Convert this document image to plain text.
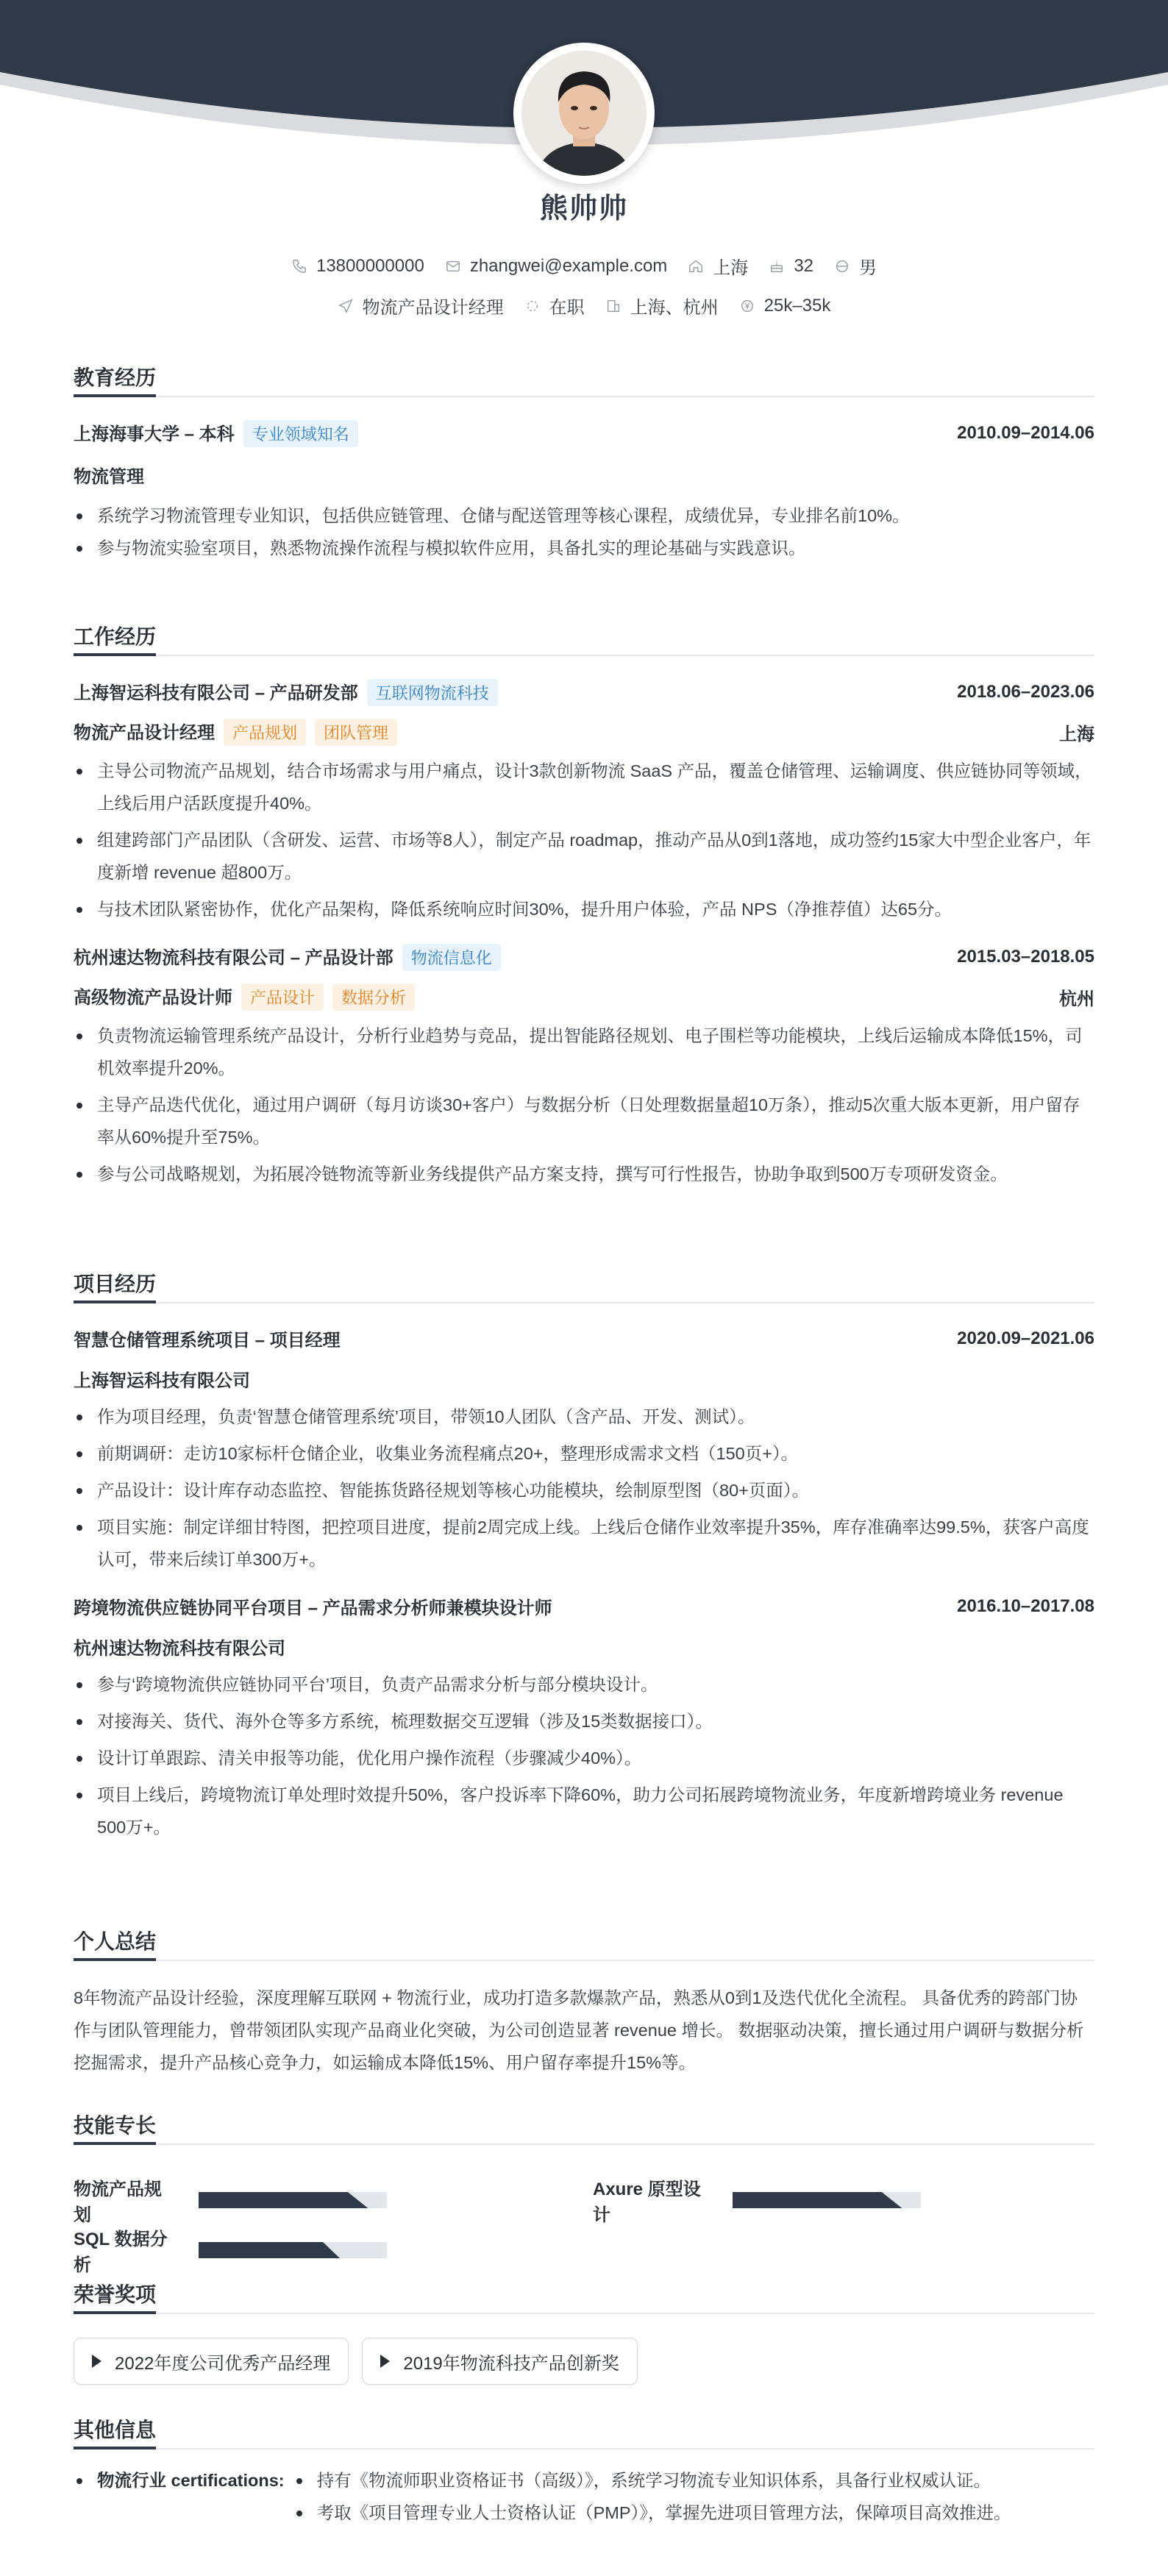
熊帅帅
13800000000	zhangwei@example.com	上海	32	男
物流产品设计经理	在职	上海、杭州	25k–35k
教育经历
上海海事大学 – 本科 专业领域知名	2010.09–2014.06
物流管理
系统学习物流管理专业知识，包括供应链管理、仓储与配送管理等核心课程，成绩优异，专业排名前10%。
参与物流实验室项目，熟悉物流操作流程与模拟软件应用，具备扎实的理论基础与实践意识。
工作经历
上海智运科技有限公司 – 产品研发部 互联网物流科技	2018.06–2023.06
物流产品设计经理 产品规划 团队管理	上海
主导公司物流产品规划，结合市场需求与用户痛点，设计3款创新物流 SaaS 产品，覆盖仓储管理、运输调度、供应链协同等领域，上线后用户活跃度提升40%。
组建跨部门产品团队（含研发、运营、市场等8人），制定产品 roadmap，推动产品从0到1落地，成功签约15家大中型企业客户，年度新增 revenue 超800万。
与技术团队紧密协作，优化产品架构，降低系统响应时间30%，提升用户体验，产品 NPS（净推荐值）达65分。
杭州速达物流科技有限公司 – 产品设计部 物流信息化	2015.03–2018.05
高级物流产品设计师 产品设计 数据分析	杭州
负责物流运输管理系统产品设计，分析行业趋势与竞品，提出智能路径规划、电子围栏等功能模块，上线后运输成本降低15%，司机效率提升20%。
主导产品迭代优化，通过用户调研（每月访谈30+客户）与数据分析（日处理数据量超10万条），推动5次重大版本更新，用户留存率从60%提升至75%。
参与公司战略规划，为拓展冷链物流等新业务线提供产品方案支持，撰写可行性报告，协助争取到500万专项研发资金。
项目经历
智慧仓储管理系统项目 – 项目经理	2020.09–2021.06
上海智运科技有限公司
作为项目经理，负责‘智慧仓储管理系统’项目，带领10人团队（含产品、开发、测试）。
前期调研：走访10家标杆仓储企业，收集业务流程痛点20+，整理形成需求文档（150页+）。
产品设计：设计库存动态监控、智能拣货路径规划等核心功能模块，绘制原型图（80+页面）。
项目实施：制定详细甘特图，把控项目进度，提前2周完成上线。上线后仓储作业效率提升35%，库存准确率达99.5%，获客户高度认可，带来后续订单300万+。
跨境物流供应链协同平台项目 – 产品需求分析师兼模块设计师	2016.10–2017.08
杭州速达物流科技有限公司
参与‘跨境物流供应链协同平台’项目，负责产品需求分析与部分模块设计。
对接海关、货代、海外仓等多方系统，梳理数据交互逻辑（涉及15类数据接口）。
设计订单跟踪、清关申报等功能，优化用户操作流程（步骤减少40%）。
项目上线后，跨境物流订单处理时效提升50%，客户投诉率下降60%，助力公司拓展跨境物流业务，年度新增跨境业务 revenue 500万+。
个人总结
8年物流产品设计经验，深度理解互联网 + 物流行业，成功打造多款爆款产品，熟悉从0到1及迭代优化全流程。 具备优秀的跨部门协作与团队管理能力，曾带领团队实现产品商业化突破，为公司创造显著 revenue 增长。 数据驱动决策，擅长通过用户调研与数据分析挖掘需求，提升产品核心竞争力，如运输成本降低15%、用户留存率提升15%等。
技能专长
物流产品规划
Axure 原型设计
SQL 数据分析
荣誉奖项
2022年度公司优秀产品经理	2019年物流科技产品创新奖
其他信息
物流行业 certifications:	持有《物流师职业资格证书（高级）》，系统学习物流专业知识体系，具备行业权威认证。
考取《项目管理专业人士资格认证（PMP）》，掌握先进项目管理方法，保障项目高效推进。
